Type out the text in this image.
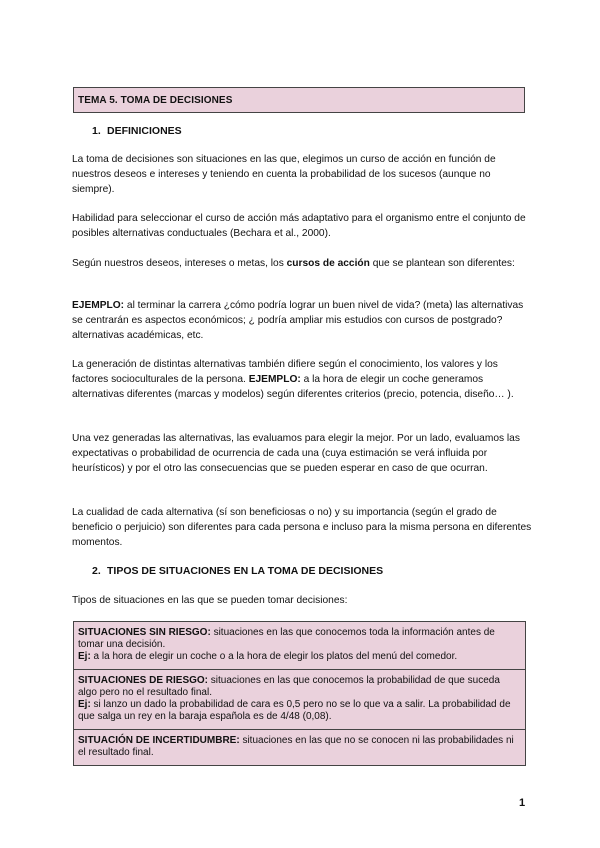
TEMA 5. TOMA DE DECISIONES

1. DEFINICIONES

La toma de decisiones son situaciones en las que, elegimos un curso de acción en función de nuestros deseos e intereses y teniendo en cuenta la probabilidad de los sucesos (aunque no siempre).

Habilidad para seleccionar el curso de acción más adaptativo para el organismo entre el conjunto de posibles alternativas conductuales (Bechara et al., 2000).

Según nuestros deseos, intereses o metas, los cursos de acción que se plantean son diferentes:

EJEMPLO: al terminar la carrera ¿cómo podría lograr un buen nivel de vida? (meta) las alternativas se centrarán es aspectos económicos; ¿ podría ampliar mis estudios con cursos de postgrado? alternativas académicas, etc.

La generación de distintas alternativas también difiere según el conocimiento, los valores y los factores socioculturales de la persona. EJEMPLO: a la hora de elegir un coche generamos alternativas diferentes (marcas y modelos) según diferentes criterios (precio, potencia, diseño… ).

Una vez generadas las alternativas, las evaluamos para elegir la mejor. Por un lado, evaluamos las expectativas o probabilidad de ocurrencia de cada una (cuya estimación se verá influida por heurísticos) y por el otro las consecuencias que se pueden esperar en caso de que ocurran.

La cualidad de cada alternativa (sí son beneficiosas o no) y su importancia (según el grado de beneficio o perjuicio) son diferentes para cada persona e incluso para la misma persona en diferentes momentos.

2. TIPOS DE SITUACIONES EN LA TOMA DE DECISIONES

Tipos de situaciones en las que se pueden tomar decisiones:

SITUACIONES SIN RIESGO: situaciones en las que conocemos toda la información antes de tomar una decisión.
Ej: a la hora de elegir un coche o a la hora de elegir los platos del menú del comedor.
SITUACIONES DE RIESGO: situaciones en las que conocemos la probabilidad de que suceda algo pero no el resultado final.
Ej: si lanzo un dado la probabilidad de cara es 0,5 pero no se lo que va a salir. La probabilidad de que salga un rey en la baraja española es de 4/48 (0,08).
SITUACIÓN DE INCERTIDUMBRE: situaciones en las que no se conocen ni las probabilidades ni el resultado final.
1
